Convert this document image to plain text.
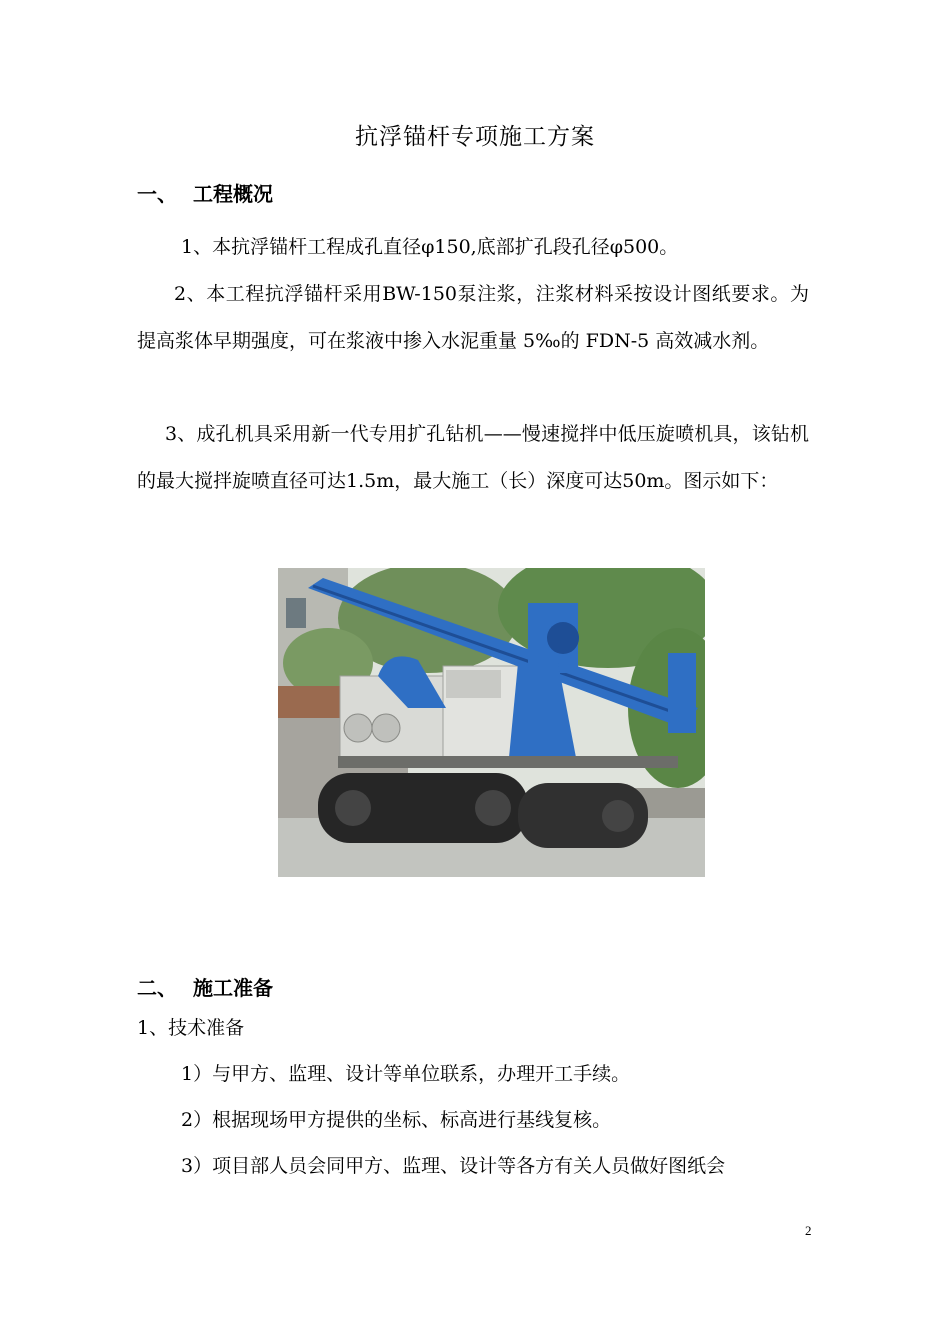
抗浮锚杆专项施工方案
一、 工程概况
1、本抗浮锚杆工程成孔直径φ150,底部扩孔段孔径φ500。
2、本工程抗浮锚杆采用BW-150泵注浆，注浆材料采按设计图纸要求。为提高浆体早期强度，可在浆液中掺入水泥重量 5‰的 FDN-5 高效减水剂。
3、成孔机具采用新一代专用扩孔钻机——慢速搅拌中低压旋喷机具，该钻机的最大搅拌旋喷直径可达1.5m，最大施工（长）深度可达50m。图示如下：
二、 施工准备
1、技术准备
1）与甲方、监理、设计等单位联系，办理开工手续。
2）根据现场甲方提供的坐标、标高进行基线复核。
3）项目部人员会同甲方、监理、设计等各方有关人员做好图纸会
2
